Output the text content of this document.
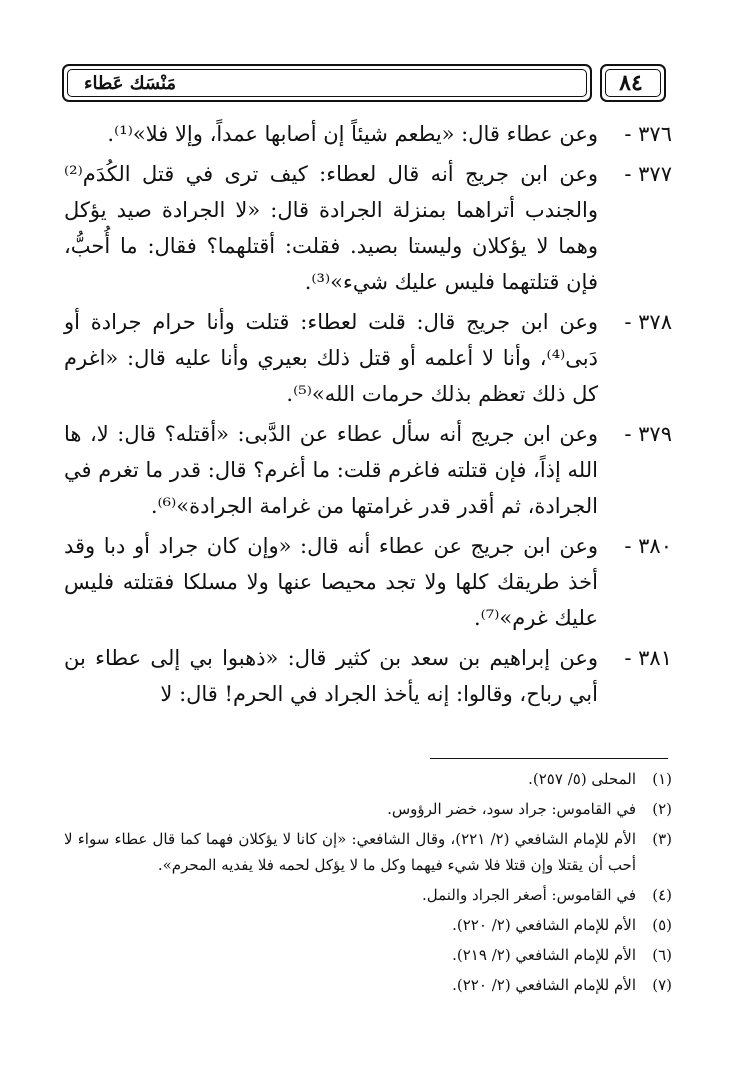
مَنْسَك عَطاء	٨٤
٣٧٦ -
وعن عطاء قال: «يطعم شيئاً إن أصابها عمداً، وإلا فلا»⁽¹⁾.
٣٧٧ -
وعن ابن جريج أنه قال لعطاء: كيف ترى في قتل الكُدَم⁽²⁾ والجندب أتراهما بمنزلة الجرادة قال: «لا الجرادة صيد يؤكل وهما لا يؤكلان وليستا بصيد. فقلت: أقتلهما؟ فقال: ما أُحبُّ، فإن قتلتهما فليس عليك شيء»⁽³⁾.
٣٧٨ -
وعن ابن جريج قال: قلت لعطاء: قتلت وأنا حرام جرادة أو دَبى⁽⁴⁾، وأنا لا أعلمه أو قتل ذلك بعيري وأنا عليه قال: «اغرم كل ذلك تعظم بذلك حرمات الله»⁽⁵⁾.
٣٧٩ -
وعن ابن جريج أنه سأل عطاء عن الدَّبى: «أقتله؟ قال: لا، ها الله إذاً، فإن قتلته فاغرم قلت: ما أغرم؟ قال: قدر ما تغرم في الجرادة، ثم أقدر قدر غرامتها من غرامة الجرادة»⁽⁶⁾.
٣٨٠ -
وعن ابن جريج عن عطاء أنه قال: «وإن كان جراد أو دبا وقد أخذ طريقك كلها ولا تجد محيصا عنها ولا مسلكا فقتلته فليس عليك غرم»⁽⁷⁾.
٣٨١ -
وعن إبراهيم بن سعد بن كثير قال: «ذهبوا بي إلى عطاء بن أبي رباح، وقالوا: إنه يأخذ الجراد في الحرم! قال: لا
(١)
المحلى (٥/ ٢٥٧).
(٢)
في القاموس: جراد سود، خضر الرؤوس.
(٣)
الأم للإمام الشافعي (٢/ ٢٢١)، وقال الشافعي: «إن كانا لا يؤكلان فهما كما قال عطاء سواء لا أحب أن يقتلا وإن قتلا فلا شيء فيهما وكل ما لا يؤكل لحمه فلا يفديه المحرم».
(٤)
في القاموس: أصغر الجراد والنمل.
(٥)
الأم للإمام الشافعي (٢/ ٢٢٠).
(٦)
الأم للإمام الشافعي (٢/ ٢١٩).
(٧)
الأم للإمام الشافعي (٢/ ٢٢٠).
